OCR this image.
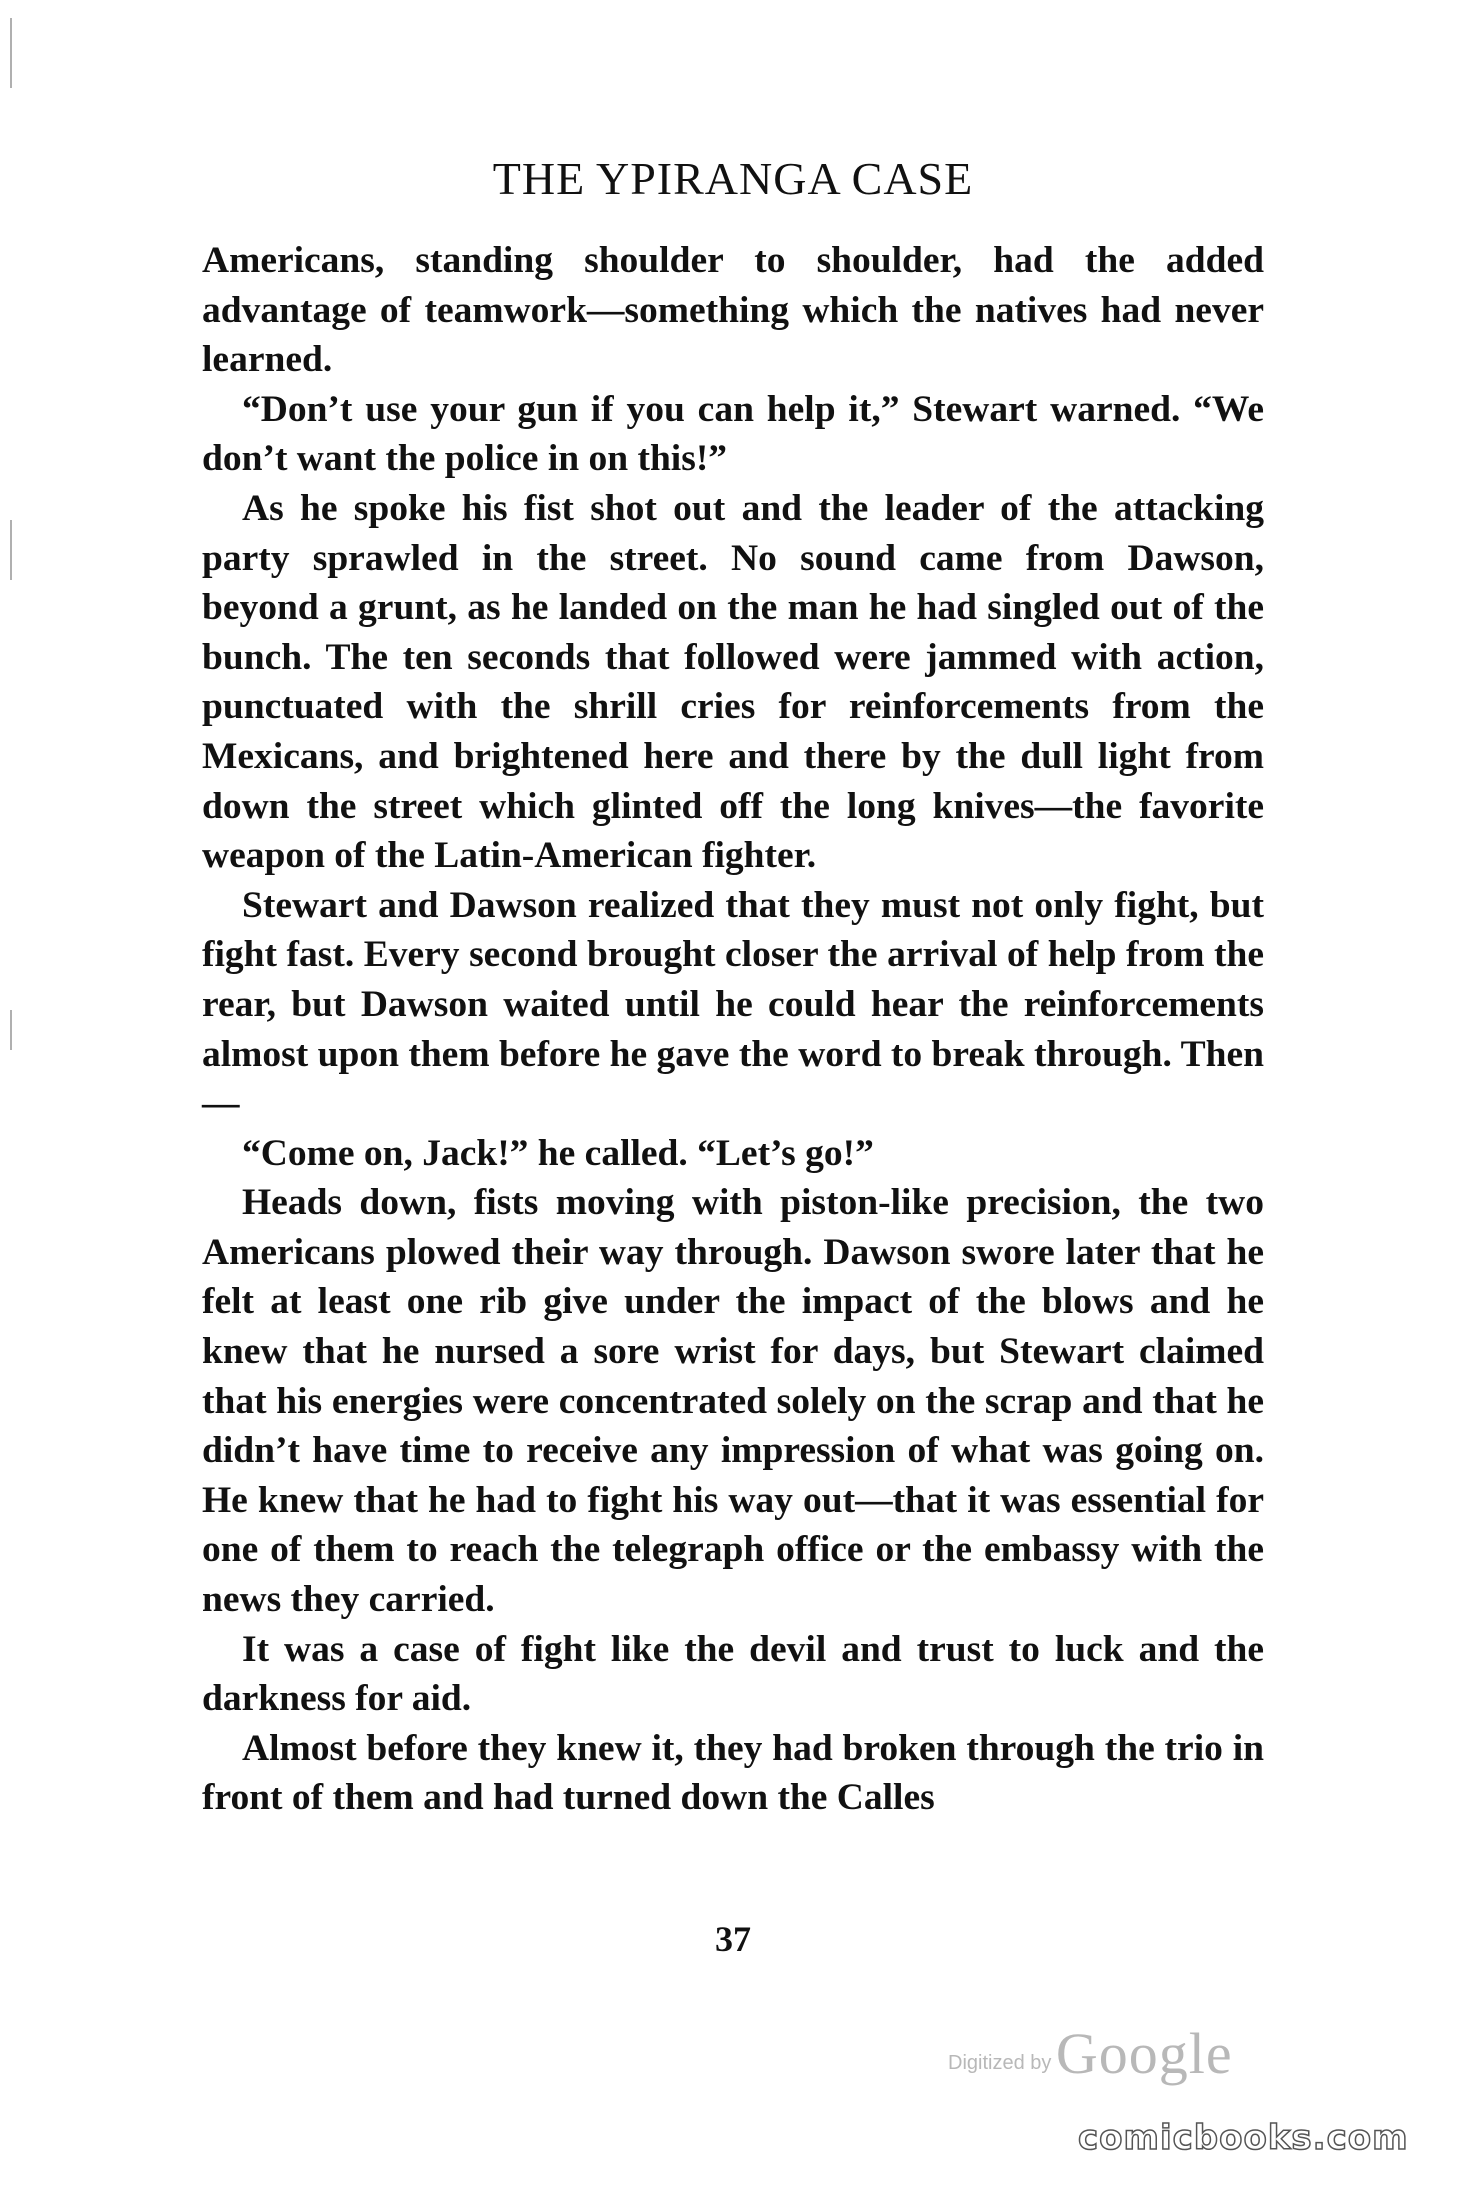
THE YPIRANGA CASE

Americans, standing shoulder to shoulder, had the added advantage of teamwork—something which the natives had never learned.

“Don’t use your gun if you can help it,” Stewart warned. “We don’t want the police in on this!”

As he spoke his fist shot out and the leader of the attacking party sprawled in the street. No sound came from Dawson, beyond a grunt, as he landed on the man he had singled out of the bunch. The ten seconds that followed were jammed with action, punctuated with the shrill cries for reinforcements from the Mexicans, and brightened here and there by the dull light from down the street which glinted off the long knives—the favorite weapon of the Latin-American fighter.

Stewart and Dawson realized that they must not only fight, but fight fast. Every second brought closer the arrival of help from the rear, but Dawson waited until he could hear the reinforcements almost upon them before he gave the word to break through. Then—

“Come on, Jack!” he called. “Let’s go!”

Heads down, fists moving with piston-like precision, the two Americans plowed their way through. Dawson swore later that he felt at least one rib give under the impact of the blows and he knew that he nursed a sore wrist for days, but Stewart claimed that his energies were concentrated solely on the scrap and that he didn’t have time to receive any impression of what was going on. He knew that he had to fight his way out—that it was essential for one of them to reach the telegraph office or the embassy with the news they carried.

It was a case of fight like the devil and trust to luck and the darkness for aid.

Almost before they knew it, they had broken through the trio in front of them and had turned down the Calles

37
Digitized by Google
comicbooks.com
